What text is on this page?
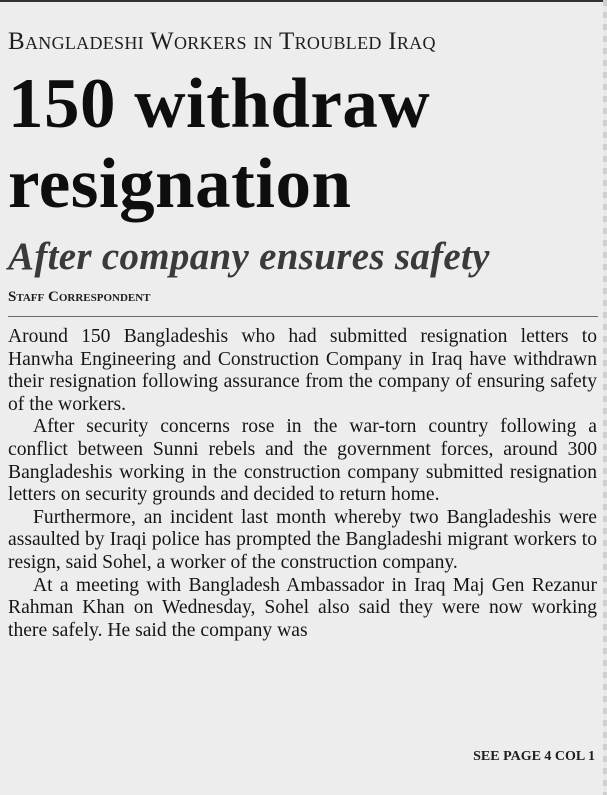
Bangladeshi Workers in Troubled Iraq
150 withdraw resignation
After company ensures safety
Staff Correspondent

Around 150 Bangladeshis who had submitted resignation letters to Hanwha Engineering and Construction Company in Iraq have withdrawn their resignation following assurance from the company of ensuring safety of the workers.

After security concerns rose in the war-torn country following a conflict between Sunni rebels and the government forces, around 300 Bangladeshis working in the construction company submitted resignation letters on security grounds and decided to return home.

Furthermore, an incident last month whereby two Bangladeshis were assaulted by Iraqi police has prompted the Bangladeshi migrant workers to resign, said Sohel, a worker of the construction company.

At a meeting with Bangladesh Ambassador in Iraq Maj Gen Rezanur Rahman Khan on Wednesday, Sohel also said they were now working there safely. He said the company was

SEE PAGE 4 COL 1
